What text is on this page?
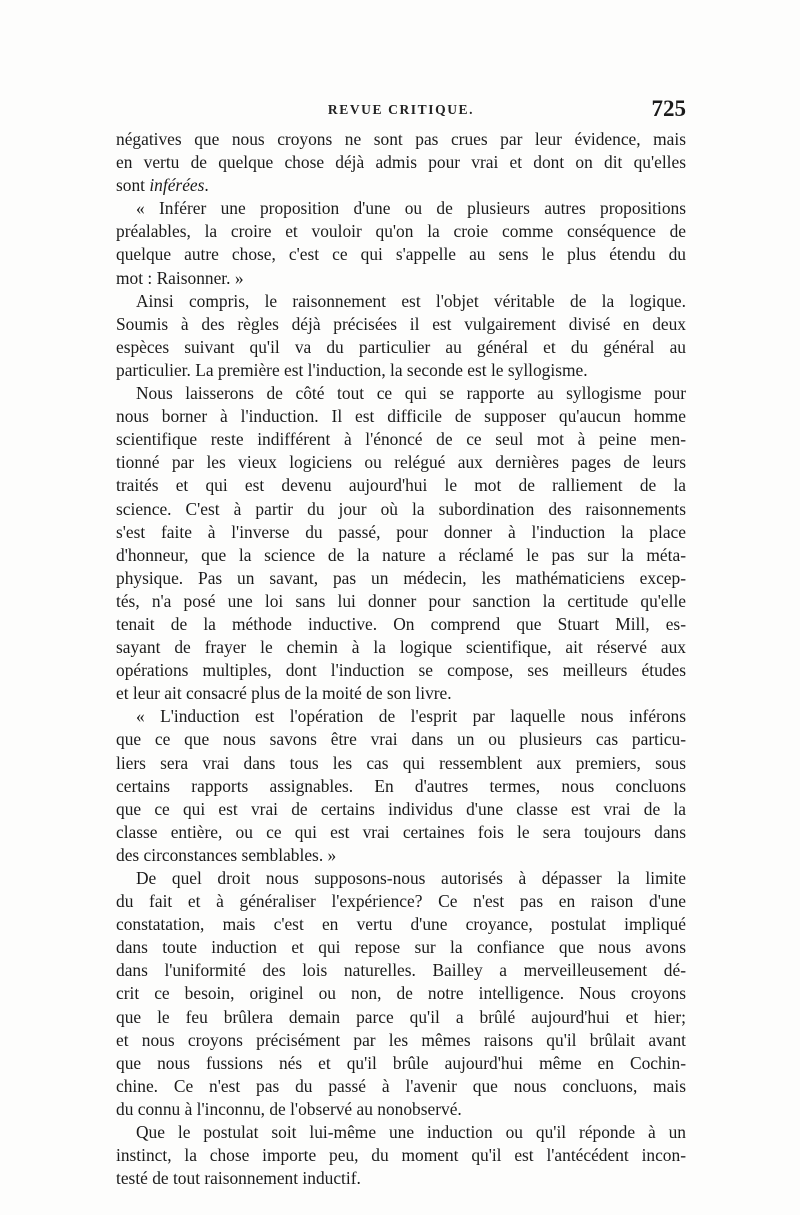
REVUE CRITIQUE.	725
négatives que nous croyons ne sont pas crues par leur évidence, mais
en vertu de quelque chose déjà admis pour vrai et dont on dit qu'elles
sont inférées.
« Inférer une proposition d'une ou de plusieurs autres propositions
préalables, la croire et vouloir qu'on la croie comme conséquence de
quelque autre chose, c'est ce qui s'appelle au sens le plus étendu du
mot : Raisonner. »
Ainsi compris, le raisonnement est l'objet véritable de la logique.
Soumis à des règles déjà précisées il est vulgairement divisé en deux
espèces suivant qu'il va du particulier au général et du général au
particulier. La première est l'induction, la seconde est le syllogisme.
Nous laisserons de côté tout ce qui se rapporte au syllogisme pour
nous borner à l'induction. Il est difficile de supposer qu'aucun homme
scientifique reste indifférent à l'énoncé de ce seul mot à peine men-
tionné par les vieux logiciens ou relégué aux dernières pages de leurs
traités et qui est devenu aujourd'hui le mot de ralliement de la
science. C'est à partir du jour où la subordination des raisonnements
s'est faite à l'inverse du passé, pour donner à l'induction la place
d'honneur, que la science de la nature a réclamé le pas sur la méta-
physique. Pas un savant, pas un médecin, les mathématiciens excep-
tés, n'a posé une loi sans lui donner pour sanction la certitude qu'elle
tenait de la méthode inductive. On comprend que Stuart Mill, es-
sayant de frayer le chemin à la logique scientifique, ait réservé aux
opérations multiples, dont l'induction se compose, ses meilleurs études
et leur ait consacré plus de la moité de son livre.
« L'induction est l'opération de l'esprit par laquelle nous inférons
que ce que nous savons être vrai dans un ou plusieurs cas particu-
liers sera vrai dans tous les cas qui ressemblent aux premiers, sous
certains rapports assignables. En d'autres termes, nous concluons
que ce qui est vrai de certains individus d'une classe est vrai de la
classe entière, ou ce qui est vrai certaines fois le sera toujours dans
des circonstances semblables. »
De quel droit nous supposons-nous autorisés à dépasser la limite
du fait et à généraliser l'expérience? Ce n'est pas en raison d'une
constatation, mais c'est en vertu d'une croyance, postulat impliqué
dans toute induction et qui repose sur la confiance que nous avons
dans l'uniformité des lois naturelles. Bailley a merveilleusement dé-
crit ce besoin, originel ou non, de notre intelligence. Nous croyons
que le feu brûlera demain parce qu'il a brûlé aujourd'hui et hier;
et nous croyons précisément par les mêmes raisons qu'il brûlait avant
que nous fussions nés et qu'il brûle aujourd'hui même en Cochin-
chine. Ce n'est pas du passé à l'avenir que nous concluons, mais
du connu à l'inconnu, de l'observé au nonobservé.
Que le postulat soit lui-même une induction ou qu'il réponde à un
instinct, la chose importe peu, du moment qu'il est l'antécédent incon-
testé de tout raisonnement inductif.
